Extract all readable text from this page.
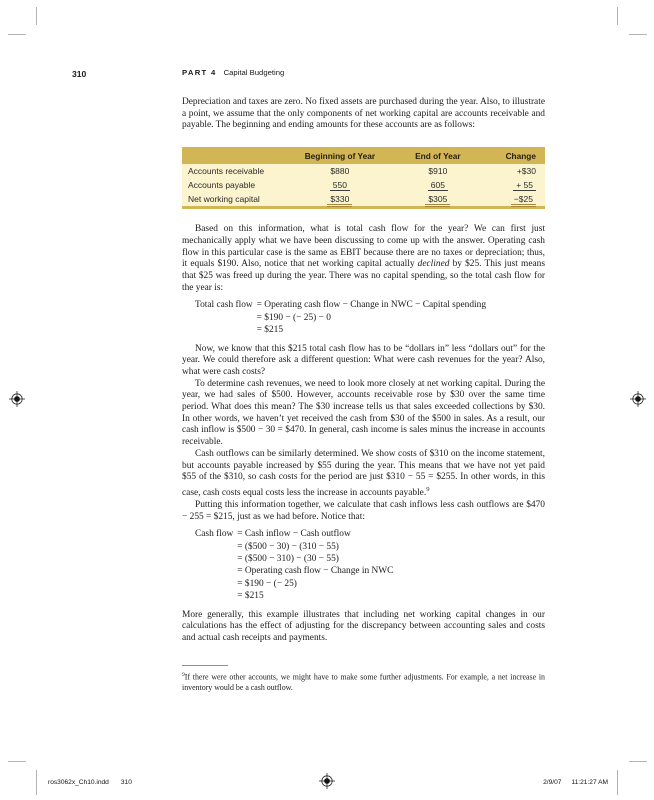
310	PART 4 Capital Budgeting

Depreciation and taxes are zero. No fixed assets are purchased during the year. Also, to illustrate a point, we assume that the only components of net working capital are accounts receivable and payable. The beginning and ending amounts for these accounts are as follows:

	Beginning of Year	End of Year	Change
Accounts receivable	$880	$910	+$30
Accounts payable	550	605	+ 55
Net working capital	$330	$305	−$25

Based on this information, what is total cash flow for the year? We can first just mechanically apply what we have been discussing to come up with the answer. Operating cash flow in this particular case is the same as EBIT because there are no taxes or depreciation; thus, it equals $190. Also, notice that net working capital actually declined by $25. This just means that $25 was freed up during the year. There was no capital spending, so the total cash flow for the year is:

Total cash flow = Operating cash flow − Change in NWC − Capital spending
= $190 − (− 25) − 0
= $215

Now, we know that this $215 total cash flow has to be “dollars in” less “dollars out” for the year. We could therefore ask a different question: What were cash revenues for the year? Also, what were cash costs?

To determine cash revenues, we need to look more closely at net working capital. During the year, we had sales of $500. However, accounts receivable rose by $30 over the same time period. What does this mean? The $30 increase tells us that sales exceeded collections by $30. In other words, we haven’t yet received the cash from $30 of the $500 in sales. As a result, our cash inflow is $500 − 30 = $470. In general, cash income is sales minus the increase in accounts receivable.

Cash outflows can be similarly determined. We show costs of $310 on the income statement, but accounts payable increased by $55 during the year. This means that we have not yet paid $55 of the $310, so cash costs for the period are just $310 − 55 = $255. In other words, in this case, cash costs equal costs less the increase in accounts payable.$^9$

Putting this information together, we calculate that cash inflows less cash outflows are $470 − 255 = $215, just as we had before. Notice that:

Cash flow = Cash inflow − Cash outflow
= ($500 − 30) − (310 − 55)
= ($500 − 310) − (30 − 55)
= Operating cash flow − Change in NWC
= $190 − (− 25)
= $215

More generally, this example illustrates that including net working capital changes in our calculations has the effect of adjusting for the discrepancy between accounting sales and costs and actual cash receipts and payments.

$^9$If there were other accounts, we might have to make some further adjustments. For example, a net increase in inventory would be a cash outflow.
ros3062x_Ch10.indd 310	2/9/07 11:21:27 AM
